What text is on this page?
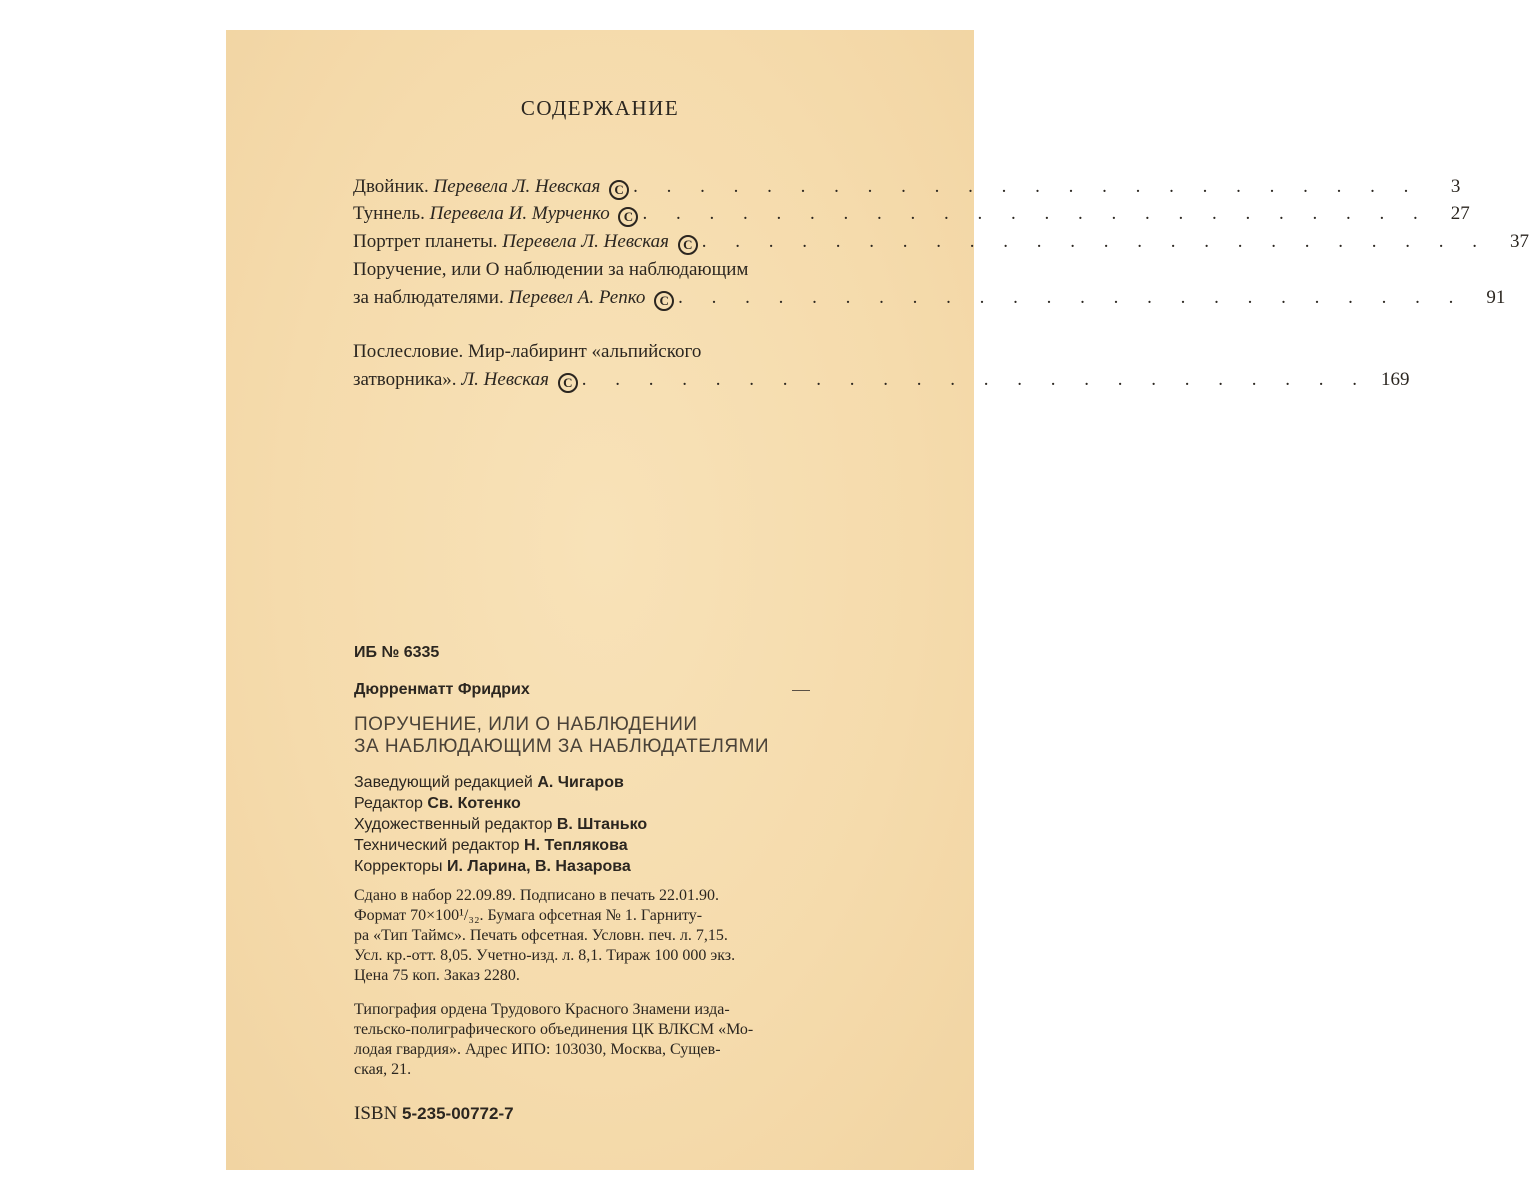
СОДЕРЖАНИЕ
Двойник. Перевела Л. Невская C . . . . . . . . . . . . . . . . . . . . . . . .	3
Туннель. Перевела И. Мурченко C . . . . . . . . . . . . . . . . . . . . . . . .	27
Портрет планеты. Перевела Л. Невская C . . . . . . . . . . . . . . . . . . . . . . . .	37
Поручение, или О наблюдении за наблюдающим
за наблюдателями. Перевел А. Репко C . . . . . . . . . . . . . . . . . . . . . . . .	91
Послесловие. Мир-лабиринт «альпийского
затворника». Л. Невская C . . . . . . . . . . . . . . . . . . . . . . . . 169
ИБ № 6335
Дюрренматт Фридрих
ПОРУЧЕНИЕ, ИЛИ О НАБЛЮДЕНИИ
ЗА НАБЛЮДАЮЩИМ ЗА НАБЛЮДАТЕЛЯМИ
Заведующий редакцией А. Чигаров
Редактор Св. Котенко
Художественный редактор В. Штанько
Технический редактор Н. Теплякова
Корректоры И. Ларина, В. Назарова
Сдано в набор 22.09.89. Подписано в печать 22.01.90.
Формат 70×100¹/₃₂. Бумага офсетная № 1. Гарниту-
ра «Тип Таймс». Печать офсетная. Условн. печ. л. 7,15.
Усл. кр.-отт. 8,05. Учетно-изд. л. 8,1. Тираж 100 000 экз.
Цена 75 коп. Заказ 2280.
Типография ордена Трудового Красного Знамени изда-
тельско-полиграфического объединения ЦК ВЛКСМ «Мо-
лодая гвардия». Адрес ИПО: 103030, Москва, Сущев-
ская, 21.
ISBN 5-235-00772-7
